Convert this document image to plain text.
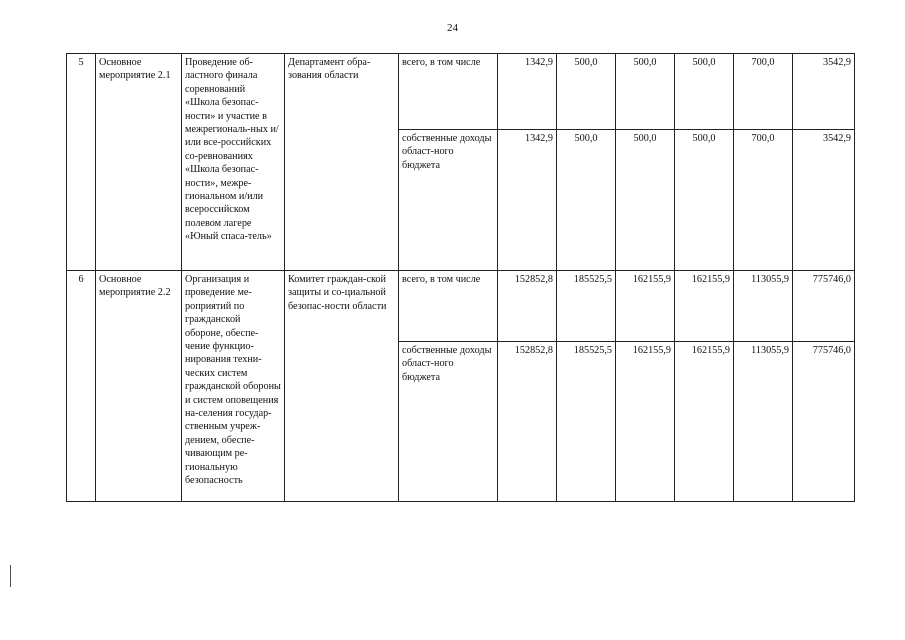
24
5	Основное мероприятие 2.1	Проведение об-ластного финала соревнований «Школа безопас-ности» и участие в межрегиональ-ных и/или все-российских со-ревнованиях «Школа безопас-ности», межре-гиональном и/или всероссийском полевом лагере «Юный спаса-тель»	Департамент обра-зования области	всего, в том числе	1342,9	500,0	500,0	500,0	700,0	3542,9
				собственные доходы област-ного бюджета	1342,9	500,0	500,0	500,0	700,0	3542,9
6	Основное мероприятие 2.2	Организация и проведение ме-роприятий по гражданской обороне, обеспе-чение функцио-нирования техни-ческих систем гражданской обороны и систем оповещения на-селения государ-ственным учреж-дением, обеспе-чивающим ре-гиональную безопасность	Комитет граждан-ской защиты и со-циальной безопас-ности области	всего, в том числе	152852,8	185525,5	162155,9	162155,9	113055,9	775746,0
				собственные доходы област-ного бюджета	152852,8	185525,5	162155,9	162155,9	113055,9	775746,0
